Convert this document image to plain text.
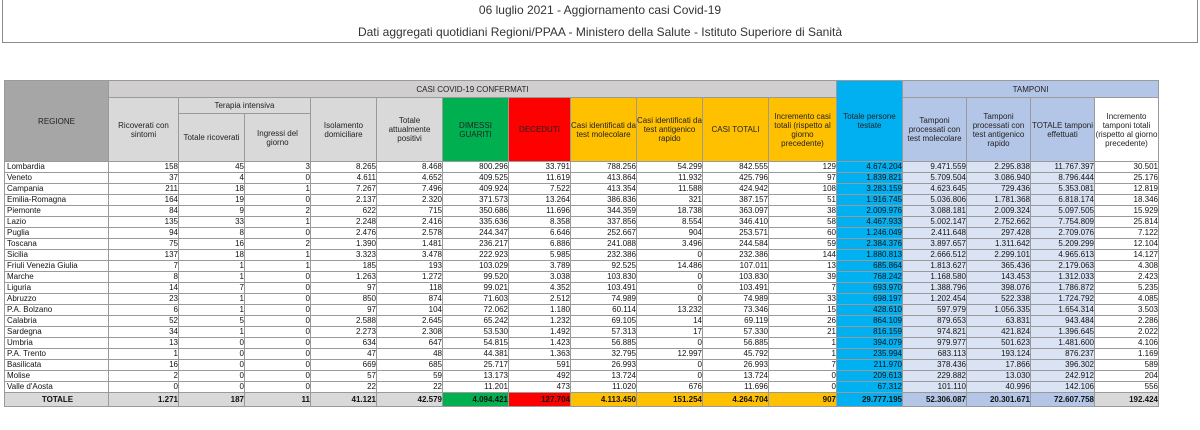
06 luglio 2021 - Aggiornamento casi Covid-19
Dati aggregati quotidiani Regioni/PPAA - Ministero della Salute - Istituto Superiore di Sanità
REGIONE	CASI COVID-19 CONFERMATI											Totale persone testate	TAMPONI			
	Ricoverati con sintomi	Terapia intensiva		Isolamento domiciliare	Totale attualmente positivi	DIMESSI GUARITI	DECEDUTI	Casi identificati da test molecolare	Casi identificati da test antigenico rapido	CASI TOTALI	Incremento casi totali (rispetto al giorno precedente)		Tamponi processati con test molecolare	Tamponi processati con test antigenico rapido	TOTALE tamponi effettuati	Incremento tamponi totali (rispetto al giorno precedente)
		Totale ricoverati	Ingressi del giorno													
Lombardia	158	45	3	8.265	8.468	800.296	33.791	788.256	54.299	842.555	129	4.674.204	9.471.559	2.295.838	11.767.397	30.501
Veneto	37	4	0	4.611	4.652	409.525	11.619	413.864	11.932	425.796	97	1.839.821	5.709.504	3.086.940	8.796.444	25.176
Campania	211	18	1	7.267	7.496	409.924	7.522	413.354	11.588	424.942	108	3.283.159	4.623.645	729.436	5.353.081	12.819
Emilia-Romagna	164	19	0	2.137	2.320	371.573	13.264	386.836	321	387.157	51	1.916.745	5.036.806	1.781.368	6.818.174	18.346
Piemonte	84	9	2	622	715	350.686	11.696	344.359	18.738	363.097	38	2.009.976	3.088.181	2.009.324	5.097.505	15.929
Lazio	135	33	1	2.248	2.416	335.636	8.358	337.856	8.554	346.410	58	4.467.933	5.002.147	2.752.662	7.754.809	25.814
Puglia	94	8	0	2.476	2.578	244.347	6.646	252.667	904	253.571	60	1.246.049	2.411.648	297.428	2.709.076	7.122
Toscana	75	16	2	1.390	1.481	236.217	6.886	241.088	3.496	244.584	59	2.384.376	3.897.657	1.311.642	5.209.299	12.104
Sicilia	137	18	1	3.323	3.478	222.923	5.985	232.386	0	232.386	144	1.880.813	2.666.512	2.299.101	4.965.613	14.127
Friuli Venezia Giulia	7	1	1	185	193	103.029	3.789	92.525	14.486	107.011	13	685.864	1.813.627	365.436	2.179.063	4.308
Marche	8	1	0	1.263	1.272	99.520	3.038	103.830	0	103.830	39	768.242	1.168.580	143.453	1.312.033	2.423
Liguria	14	7	0	97	118	99.021	4.352	103.491	0	103.491	7	693.970	1.388.796	398.076	1.786.872	5.235
Abruzzo	23	1	0	850	874	71.603	2.512	74.989	0	74.989	33	698.197	1.202.454	522.338	1.724.792	4.085
P.A. Bolzano	6	1	0	97	104	72.062	1.180	60.114	13.232	73.346	15	428.610	597.979	1.056.335	1.654.314	3.503
Calabria	52	5	0	2.588	2.645	65.242	1.232	69.105	14	69.119	26	864.109	879.653	63.831	943.484	2.286
Sardegna	34	1	0	2.273	2.308	53.530	1.492	57.313	17	57.330	21	816.159	974.821	421.824	1.396.645	2.022
Umbria	13	0	0	634	647	54.815	1.423	56.885	0	56.885	1	394.079	979.977	501.623	1.481.600	4.106
P.A. Trento	1	0	0	47	48	44.381	1.363	32.795	12.997	45.792	1	235.994	683.113	193.124	876.237	1.169
Basilicata	16	0	0	669	685	25.717	591	26.993	0	26.993	7	211.970	378.436	17.866	396.302	589
Molise	2	0	0	57	59	13.173	492	13.724	0	13.724	0	209.613	229.882	13.030	242.912	204
Valle d'Aosta	0	0	0	22	22	11.201	473	11.020	676	11.696	0	67.312	101.110	40.996	142.106	556
TOTALE	1.271	187	11	41.121	42.579	4.094.421	127.704	4.113.450	151.254	4.264.704	907	29.777.195	52.306.087	20.301.671	72.607.758	192.424
